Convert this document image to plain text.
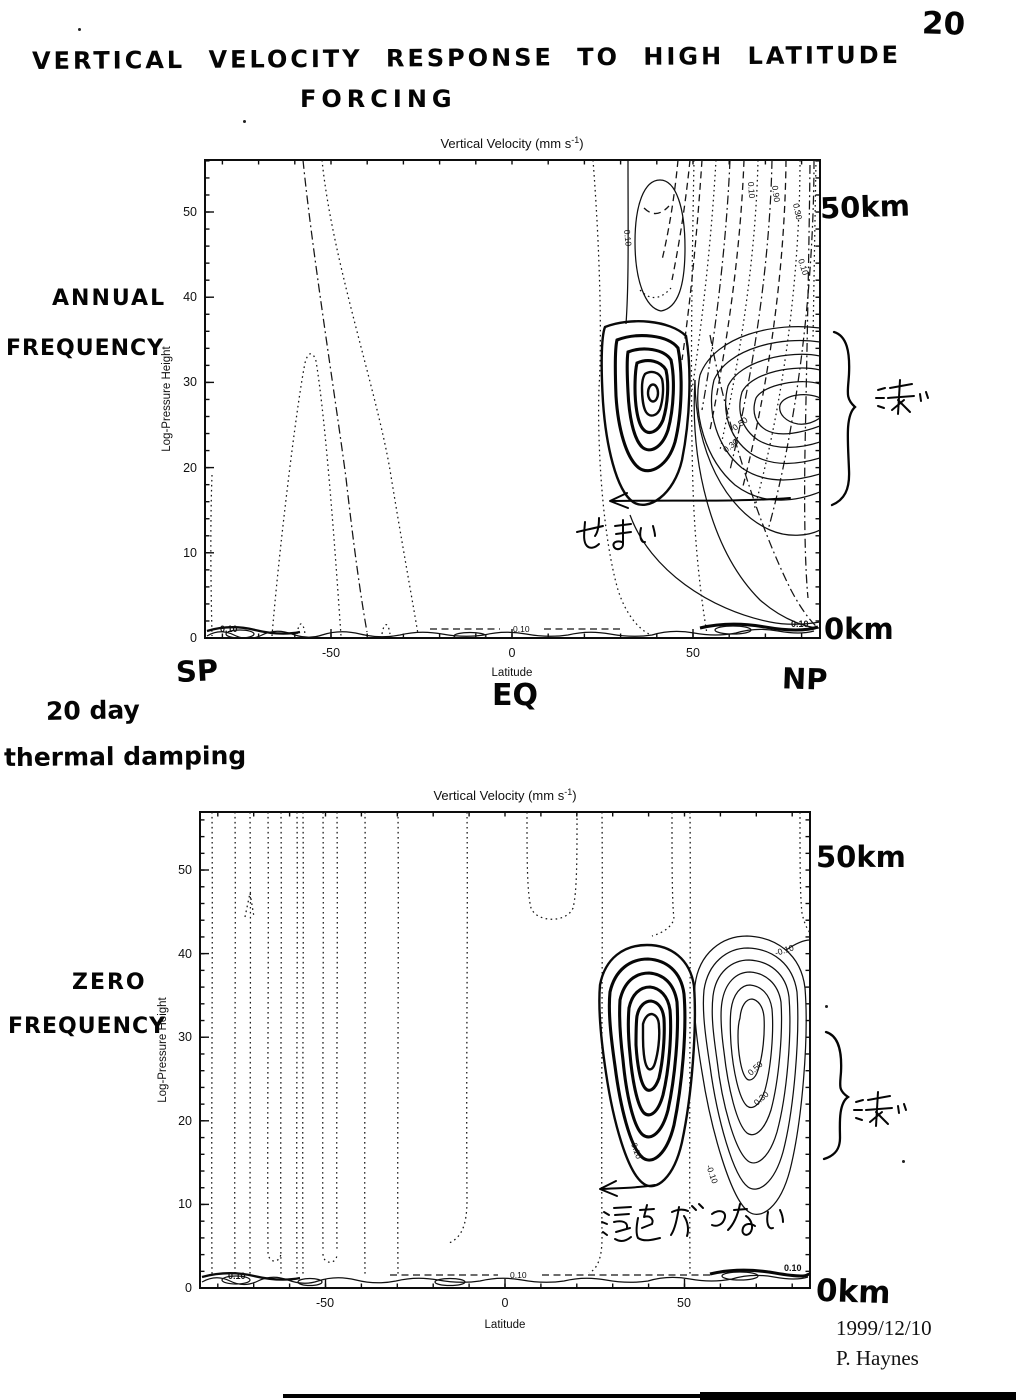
20
VERTICAL VELOCITY RESPONSE TO HIGH LATITUDE
FORCING
ANNUAL
FREQUENCY
20 day
thermal damping
ZERO
FREQUENCY
SP
EQ	NP
50km
0km
50km
0km
1999/12/10
P. Haynes
Vertical Velocity (mm $s^{-1}$)
50
40
30
20
10
0
-50	0	50
Latitude
Log-Pressure Height
0.10
0.10 0.90
0.30
0.10
0.50
0.30
0.10	0.10	0.10
Vertical Velocity (mm $s^{-1}$)
50
40
30
20
10
0
-50	0	50
Latitude
Log-Pressure Height
-0.10
0.50
0.30
0.10
-0.10
0.10	0.10
0.10
